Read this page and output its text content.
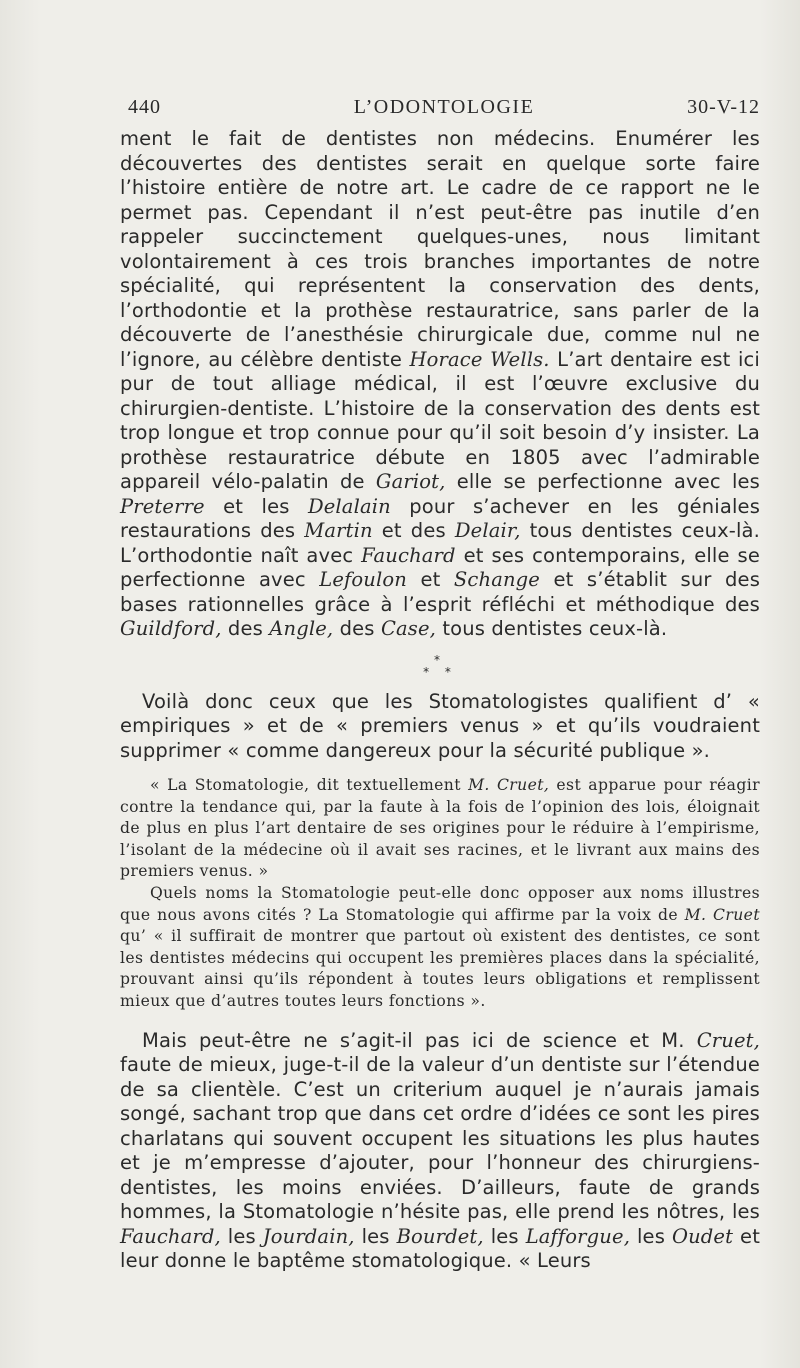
440	L’ODONTOLOGIE	30-V-12

ment le fait de dentistes non médecins. Enumérer les découvertes des dentistes serait en quelque sorte faire l’histoire entière de notre art. Le cadre de ce rapport ne le permet pas. Cependant il n’est peut-être pas inutile d’en rappeler succinctement quelques-unes, nous limitant volontairement à ces trois branches importantes de notre spécialité, qui représentent la conservation des dents, l’orthodontie et la prothèse restauratrice, sans parler de la découverte de l’anesthésie chirurgicale due, comme nul ne l’ignore, au célèbre dentiste Horace Wells. L’art dentaire est ici pur de tout alliage médical, il est l’œuvre exclusive du chirurgien-dentiste. L’histoire de la conservation des dents est trop longue et trop connue pour qu’il soit besoin d’y insister. La prothèse restauratrice débute en 1805 avec l’admirable appareil vélo-palatin de Gariot, elle se perfectionne avec les Preterre et les Delalain pour s’achever en les géniales restaurations des Martin et des Delair, tous dentistes ceux-là. L’orthodontie naît avec Fauchard et ses contemporains, elle se perfectionne avec Lefoulon et Schange et s’établit sur des bases rationnelles grâce à l’esprit réfléchi et méthodique des Guildford, des Angle, des Case, tous dentistes ceux-là.

*
* *

Voilà donc ceux que les Stomatologistes qualifient d’ « empiriques » et de « premiers venus » et qu’ils voudraient supprimer « comme dangereux pour la sécurité publique ».

« La Stomatologie, dit textuellement M. Cruet, est apparue pour réagir contre la tendance qui, par la faute à la fois de l’opinion des lois, éloignait de plus en plus l’art dentaire de ses origines pour le réduire à l’empirisme, l’isolant de la médecine où il avait ses racines, et le livrant aux mains des premiers venus. »

Quels noms la Stomatologie peut-elle donc opposer aux noms illustres que nous avons cités ? La Stomatologie qui affirme par la voix de M. Cruet qu’ « il suffirait de montrer que partout où existent des dentistes, ce sont les dentistes médecins qui occupent les premières places dans la spécialité, prouvant ainsi qu’ils répondent à toutes leurs obligations et remplissent mieux que d’autres toutes leurs fonctions ».

Mais peut-être ne s’agit-il pas ici de science et M. Cruet, faute de mieux, juge-t-il de la valeur d’un dentiste sur l’étendue de sa clientèle. C’est un criterium auquel je n’aurais jamais songé, sachant trop que dans cet ordre d’idées ce sont les pires charlatans qui souvent occupent les situations les plus hautes et je m’empresse d’ajouter, pour l’honneur des chirurgiens-dentistes, les moins enviées. D’ailleurs, faute de grands hommes, la Stomatologie n’hésite pas, elle prend les nôtres, les Fauchard, les Jourdain, les Bourdet, les Lafforgue, les Oudet et leur donne le baptême stomatologique. « Leurs
